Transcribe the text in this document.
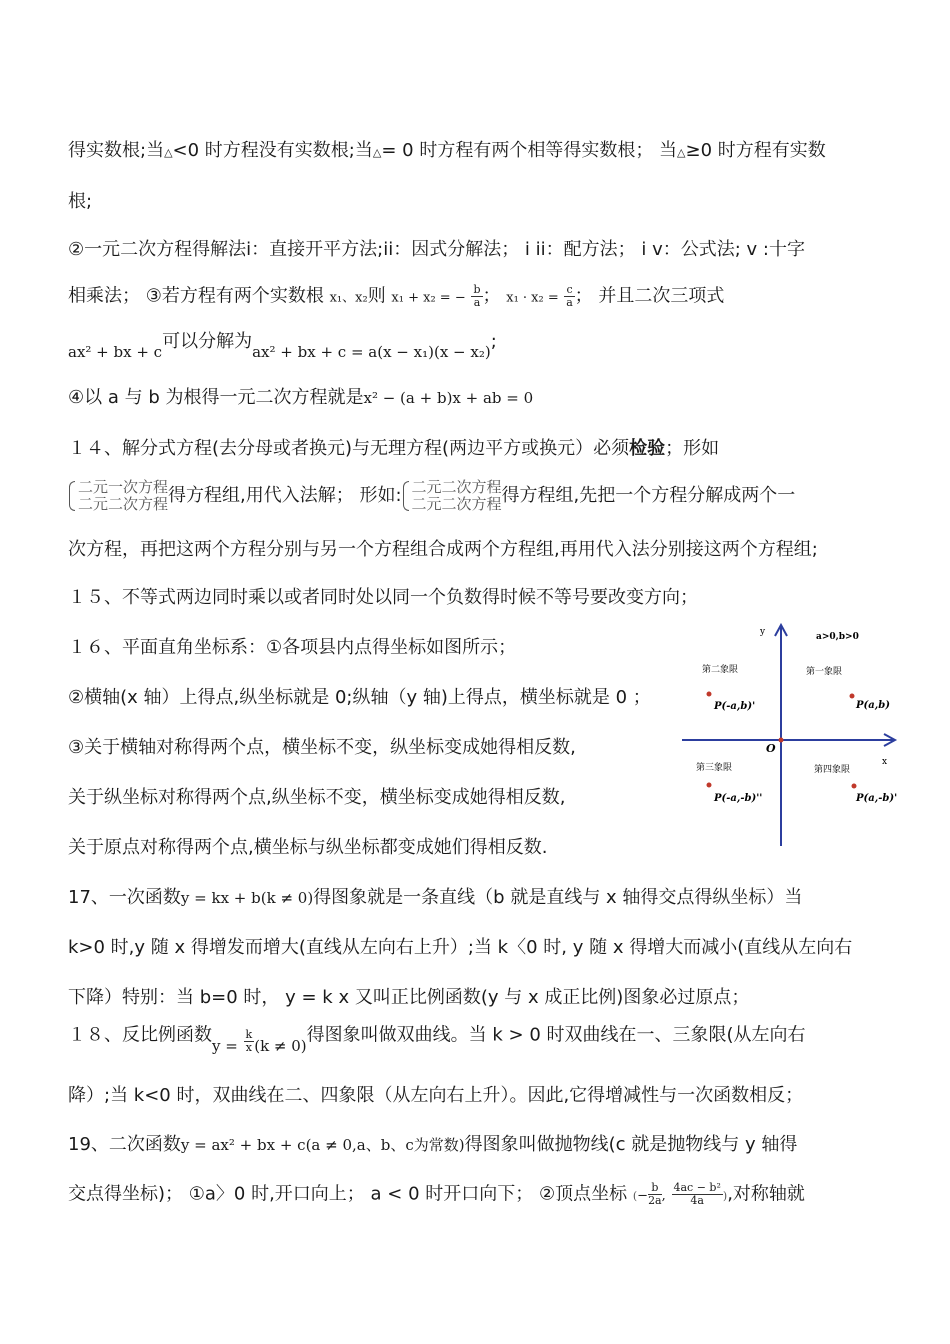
得实数根;当△<0 时方程没有实数根;当△= 0 时方程有两个相等得实数根； 当△≥0 时方程有实数
根;
②一元二次方程得解法i：直接开平方法;ii：因式分解法； i ii：配方法； i v：公式法; v :十字
相乘法； ③若方程有两个实数根 x₁、x₂则 x₁ + x₂ = − $\frac{b}{a}$ ； $x_1 \cdot x_2 = \frac{c}{a}$ ； 并且二次三项式
$_{ax^2 + bx + c}$可以分解为$_{ax^2 + bx + c = a(x - x_1)(x - x_2)}$;
④以 a 与 b 为根得一元二次方程就是x² − (a + b)x + ab = 0
１４、解分式方程(去分母或者换元)与无理方程(两边平方或换元）必须检验；形如
二元一次方程
二元二次方程 得方程组,用代入法解； 形如: 二元二次方程
二元二次方程 得方程组,先把一个方程分解成两个一
次方程，再把这两个方程分别与另一个方程组合成两个方程组,再用代入法分别接这两个方程组;
１５、不等式两边同时乘以或者同时处以同一个负数得时候不等号要改变方向；
１６、平面直角坐标系：①各项县内点得坐标如图所示；
②横轴(x 轴）上得点,纵坐标就是 0;纵轴（y 轴)上得点，横坐标就是 0 ；
③关于横轴对称得两个点，横坐标不变，纵坐标变成她得相反数,
关于纵坐标对称得两个点,纵坐标不变，横坐标变成她得相反数,
关于原点对称得两个点,横坐标与纵坐标都变成她们得相反数.
y
x
O
a>0,b>0
第一象限
第二象限
第三象限	第四象限
P(a,b)
P(-a,b)'
P(-a,-b)''	P(a,-b)'
17、一次函数y = kx + b(k ≠ 0)得图象就是一条直线（b 就是直线与 x 轴得交点得纵坐标）当
k>0 时,y 随 x 得增发而增大(直线从左向右上升）;当 k〈0 时, y 随 x 得增大而减小(直线从左向右
下降）特别：当 b=0 时， y = k x 又叫正比例函数(y 与 x 成正比例)图象必过原点；
１８、反比例函数$_{y =} \frac{k}{x} _{(k \ne 0)}$得图象叫做双曲线。当 k > 0 时双曲线在一、三象限(从左向右
降）;当 k<0 时，双曲线在二、四象限（从左向右上升）。因此,它得增减性与一次函数相反；
19、二次函数y = ax² + bx + c(a ≠ 0,a、b、c为常数)得图象叫做抛物线(c 就是抛物线与 y 轴得
交点得坐标)； ①a〉0 时,开口向上； a < 0 时开口向下； ②顶点坐标 (− $\frac{b}{2a}$ , $\frac{\text{4ac − b²}}{4a}$ ),对称轴就
